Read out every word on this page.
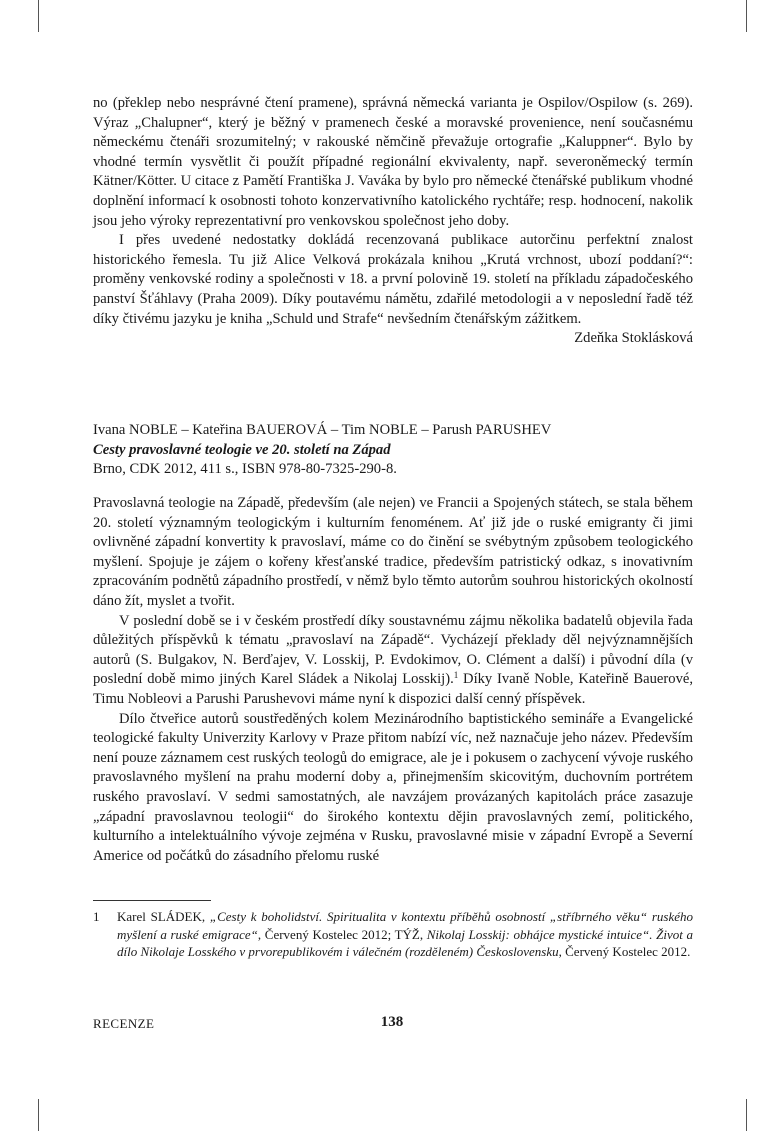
no (překlep nebo nesprávné čtení pramene), správná německá varianta je Ospilov/Ospilow (s. 269). Výraz „Chalupner“, který je běžný v pramenech české a moravské provenience, není současnému německému čtenáři srozumitelný; v rakouské němčině převažuje ortografie „Kaluppner“. Bylo by vhodné termín vysvětlit či použít případné regionální ekvivalenty, např. severoněmecký termín Kätner/Kötter. U citace z Pamětí Františka J. Vaváka by bylo pro německé čtenářské publikum vhodné doplnění informací k osobnosti tohoto konzervativního katolického rychtáře; resp. hodnocení, nakolik jsou jeho výroky reprezentativní pro venkovskou společnost jeho doby.

I přes uvedené nedostatky dokládá recenzovaná publikace autorčinu perfektní znalost historického řemesla. Tu již Alice Velková prokázala knihou „Krutá vrchnost, ubozí poddaní?“: proměny venkovské rodiny a společnosti v 18. a první polovině 19. století na příkladu západočeského panství Šťáhlavy (Praha 2009). Díky poutavému námětu, zdařilé metodologii a v neposlední řadě též díky čtivému jazyku je kniha „Schuld und Strafe“ nevšedním čtenářským zážitkem.

Zdeňka Stoklásková

Ivana NOBLE – Kateřina BAUEROVÁ – Tim NOBLE – Parush PARUSHEV
Cesty pravoslavné teologie ve 20. století na Západ
Brno, CDK 2012, 411 s., ISBN 978-80-7325-290-8.

Pravoslavná teologie na Západě, především (ale nejen) ve Francii a Spojených státech, se stala během 20. století významným teologickým i kulturním fenoménem. Ať již jde o ruské emigranty či jimi ovlivněné západní konvertity k pravoslaví, máme co do činění se svébytným způsobem teologického myšlení. Spojuje je zájem o kořeny křesťanské tradice, především patristický odkaz, s inovativním zpracováním podnětů západního prostředí, v němž bylo těmto autorům souhrou historických okolností dáno žít, myslet a tvořit.

V poslední době se i v českém prostředí díky soustavnému zájmu několika badatelů objevila řada důležitých příspěvků k tématu „pravoslaví na Západě“. Vycházejí překlady děl nejvýznamnějších autorů (S. Bulgakov, N. Berďajev, V. Losskij, P. Evdokimov, O. Clément a další) i původní díla (v poslední době mimo jiných Karel Sládek a Nikolaj Losskij).$^1$ Díky Ivaně Noble, Kateřině Bauerové, Timu Nobleovi a Parushi Parushevovi máme nyní k dispozici další cenný příspěvek.

Dílo čtveřice autorů soustředěných kolem Mezinárodního baptistického semináře a Evangelické teologické fakulty Univerzity Karlovy v Praze přitom nabízí víc, než naznačuje jeho název. Především není pouze záznamem cest ruských teologů do emigrace, ale je i pokusem o zachycení vývoje ruského pravoslavného myšlení na prahu moderní doby a, přinejmenším skicovitým, duchovním portrétem ruského pravoslaví. V sedmi samostatných, ale navzájem provázaných kapitolách práce zasazuje „západní pravoslavnou teologii“ do širokého kontextu dějin pravoslavných zemí, politického, kulturního a intelektuálního vývoje zejména v Rusku, pravoslavné misie v západní Evropě a Severní Americe od počátků do zásadního přelomu ruské

1 Karel SLÁDEK, „Cesty k boholidství. Spiritualita v kontextu příběhů osobností „stříbrného věku“ ruského myšlení a ruské emigrace“, Červený Kostelec 2012; TÝŽ, Nikolaj Losskij: obhájce mystické intuice“. Život a dílo Nikolaje Losského v prvorepublikovém i válečném (rozděleném) Československu, Červený Kostelec 2012.
RECENZE	138
